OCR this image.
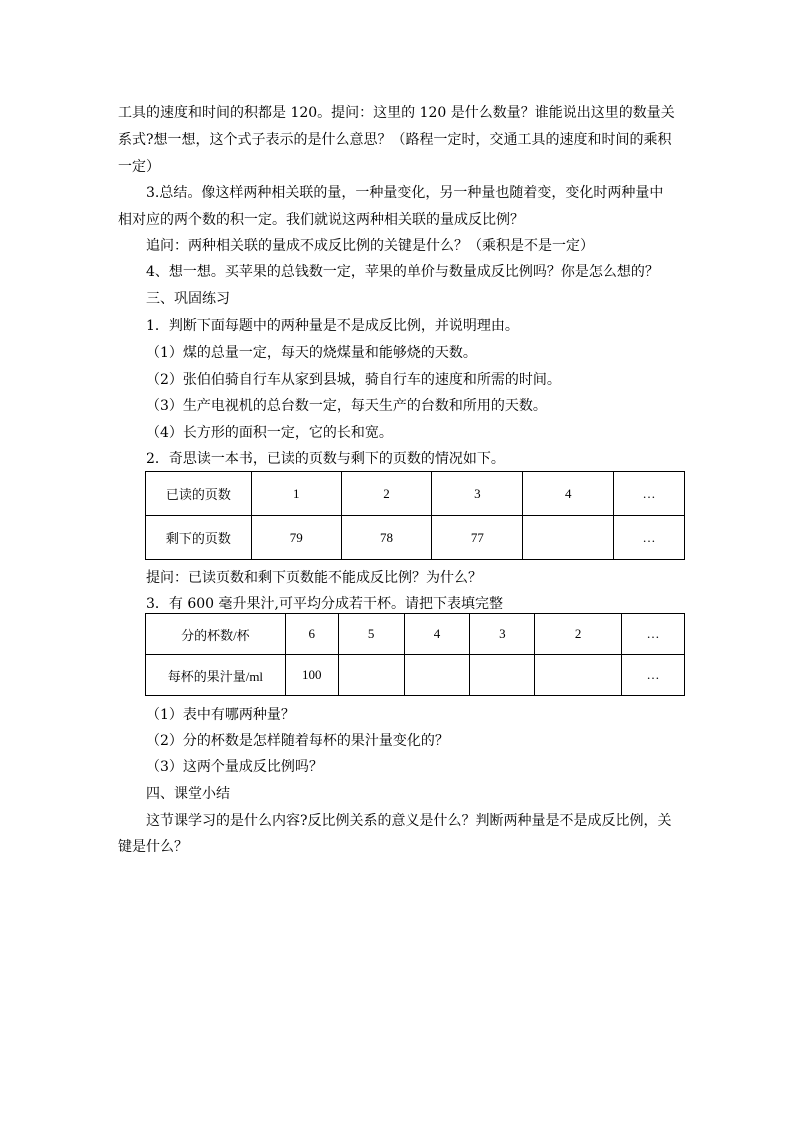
工具的速度和时间的积都是 120。提问：这里的 120 是什么数量？谁能说出这里的数量关
系式?想一想，这个式子表示的是什么意思？（路程一定时，交通工具的速度和时间的乘积
一定）
3.总结。像这样两种相关联的量，一种量变化，另一种量也随着变，变化时两种量中
相对应的两个数的积一定。我们就说这两种相关联的量成反比例？
追问：两种相关联的量成不成反比例的关键是什么？（乘积是不是一定）
4、想一想。买苹果的总钱数一定，苹果的单价与数量成反比例吗？你是怎么想的？
三、巩固练习
1．判断下面每题中的两种量是不是成反比例，并说明理由。
（1）煤的总量一定，每天的烧煤量和能够烧的天数。
（2）张伯伯骑自行车从家到县城，骑自行车的速度和所需的时间。
（3）生产电视机的总台数一定，每天生产的台数和所用的天数。
（4）长方形的面积一定，它的长和宽。
2．奇思读一本书，已读的页数与剩下的页数的情况如下。
已读的页数	1	2	3	4	…
剩下的页数	79	78	77		…
提问：已读页数和剩下页数能不能成反比例？为什么？
3．有 600 毫升果汁,可平均分成若干杯。请把下表填完整
分的杯数/杯	6	5	4	3	2	…
每杯的果汁量/ml	100					…
（1）表中有哪两种量？
（2）分的杯数是怎样随着每杯的果汁量变化的？
（3）这两个量成反比例吗？
四、课堂小结
这节课学习的是什么内容?反比例关系的意义是什么？判断两种量是不是成反比例，关
键是什么？
